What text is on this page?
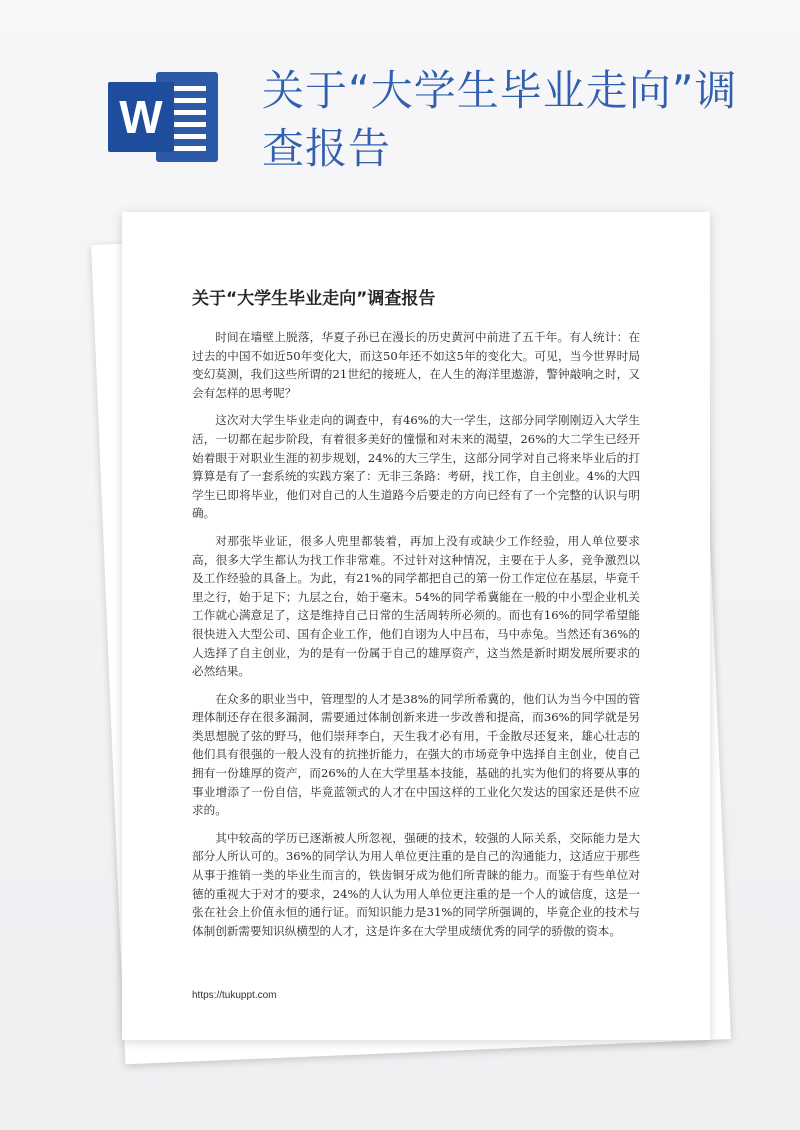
W
关于“大学生毕业走向”调查报告
关于“大学生毕业走向”调查报告

时间在墙壁上脱落，华夏子孙已在漫长的历史黄河中前进了五千年。有人统计：在过去的中国不如近50年变化大，而这50年还不如这5年的变化大。可见，当今世界时局变幻莫测，我们这些所谓的21世纪的接班人，在人生的海洋里遨游，警钟敲响之时，又会有怎样的思考呢？

这次对大学生毕业走向的调查中，有46%的大一学生，这部分同学刚刚迈入大学生活，一切都在起步阶段，有着很多美好的憧憬和对未来的渴望，26%的大二学生已经开始着眼于对职业生涯的初步规划，24%的大三学生，这部分同学对自己将来毕业后的打算算是有了一套系统的实践方案了：无非三条路：考研，找工作，自主创业。4%的大四学生已即将毕业，他们对自己的人生道路今后要走的方向已经有了一个完整的认识与明确。

对那张毕业证，很多人兜里都装着，再加上没有或缺少工作经验，用人单位要求高，很多大学生都认为找工作非常难。不过针对这种情况，主要在于人多，竞争激烈以及工作经验的具备上。为此，有21%的同学都把自己的第一份工作定位在基层，毕竟千里之行，始于足下；九层之台，始于毫末。54%的同学希冀能在一般的中小型企业机关工作就心满意足了，这是维持自己日常的生活周转所必须的。而也有16%的同学希望能很快进入大型公司、国有企业工作，他们自诩为人中吕布，马中赤兔。当然还有36%的人选择了自主创业，为的是有一份属于自己的雄厚资产，这当然是新时期发展所要求的必然结果。

在众多的职业当中，管理型的人才是38%的同学所希冀的，他们认为当今中国的管理体制还存在很多漏洞，需要通过体制创新来进一步改善和提高，而36%的同学就是另类思想脱了弦的野马，他们崇拜李白，天生我才必有用，千金散尽还复来，雄心壮志的他们具有很强的一般人没有的抗挫折能力，在强大的市场竞争中选择自主创业，使自己拥有一份雄厚的资产，而26%的人在大学里基本技能，基础的扎实为他们的将要从事的事业增添了一份自信，毕竟蓝领式的人才在中国这样的工业化欠发达的国家还是供不应求的。

其中较高的学历已逐渐被人所忽视，强硬的技术，较强的人际关系，交际能力是大部分人所认可的。36%的同学认为用人单位更注重的是自己的沟通能力，这适应于那些从事于推销一类的毕业生而言的，铁齿铜牙成为他们所青睐的能力。而鉴于有些单位对德的重视大于对才的要求，24%的人认为用人单位更注重的是一个人的诚信度，这是一张在社会上价值永恒的通行证。而知识能力是31%的同学所强调的，毕竟企业的技术与体制创新需要知识纵横型的人才，这是许多在大学里成绩优秀的同学的骄傲的资本。

https://tukuppt.com
